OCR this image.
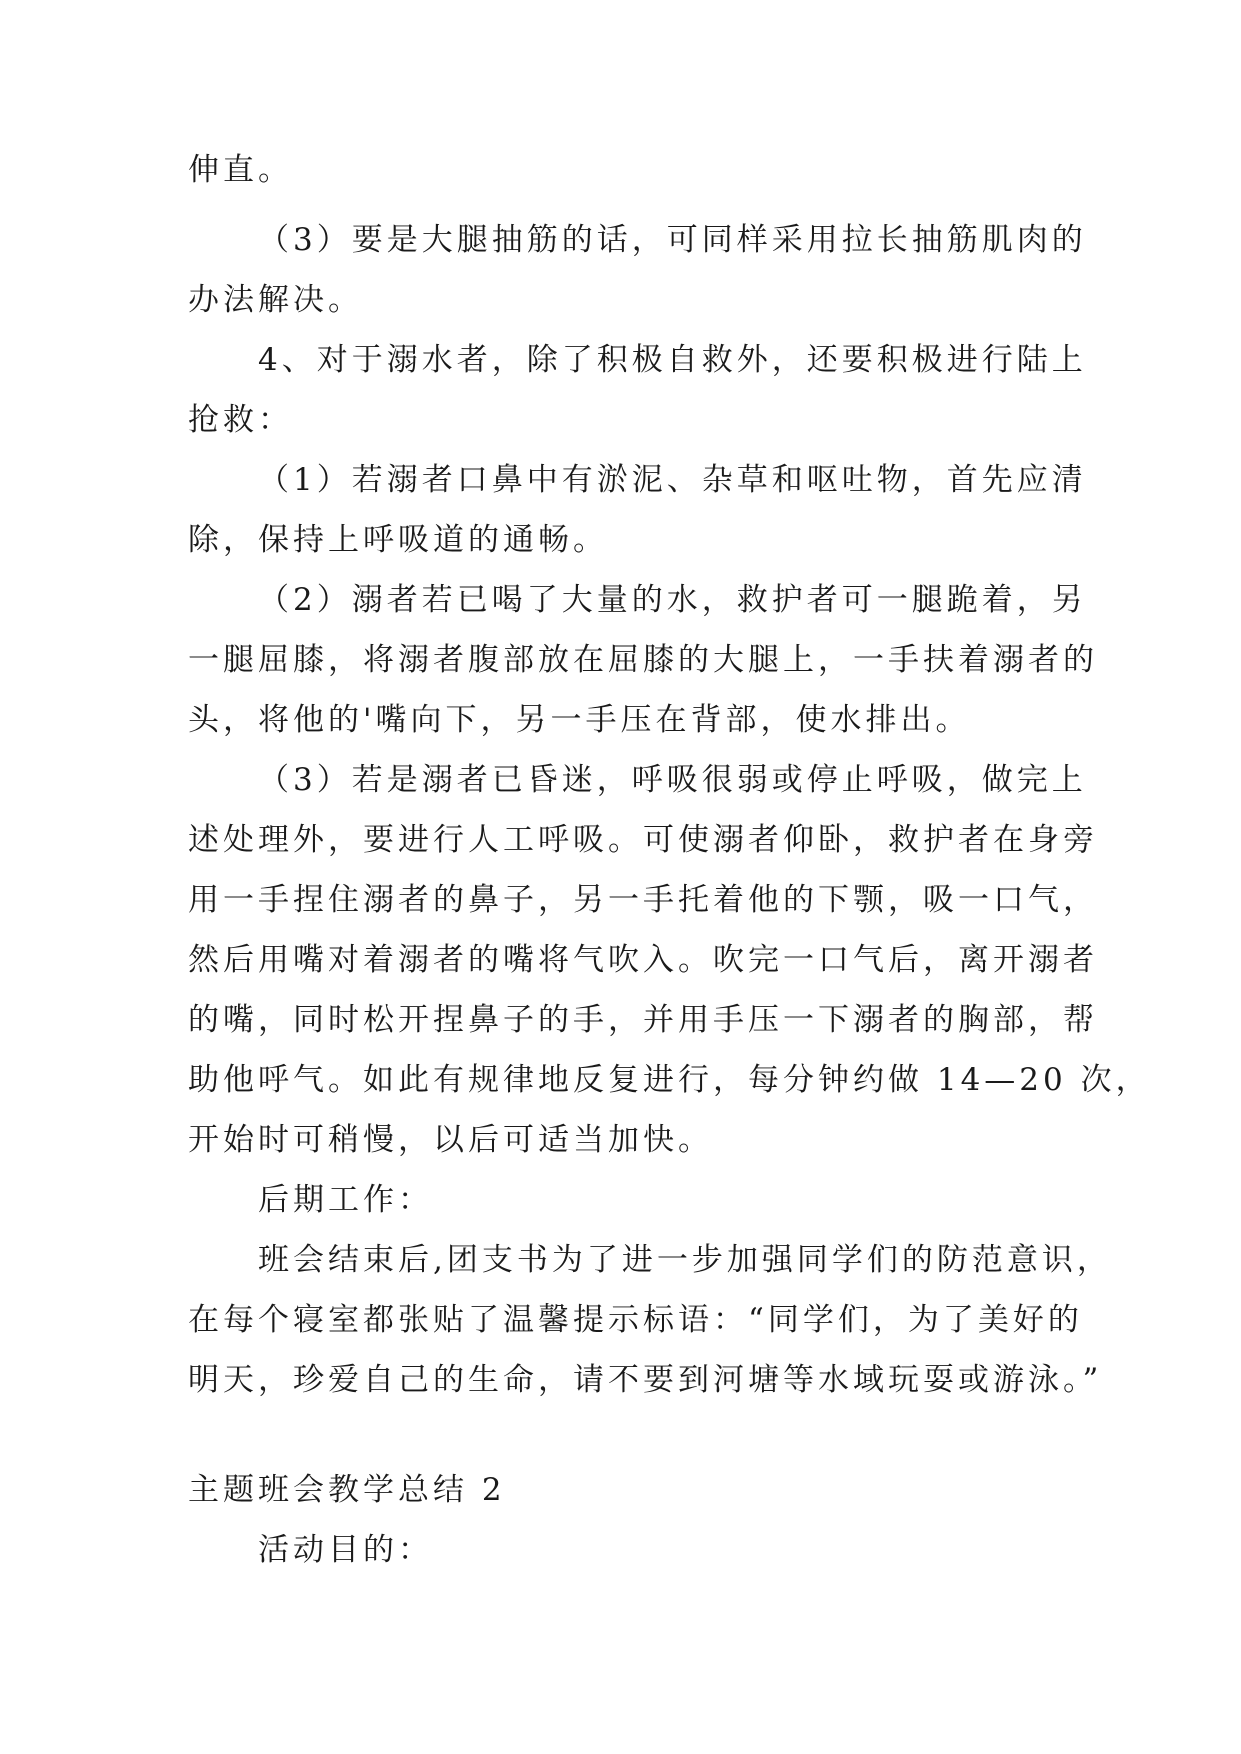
伸直。
（3）要是大腿抽筋的话，可同样采用拉长抽筋肌肉的
办法解决。
4、对于溺水者，除了积极自救外，还要积极进行陆上
抢救：
（1）若溺者口鼻中有淤泥、杂草和呕吐物，首先应清
除，保持上呼吸道的通畅。
（2）溺者若已喝了大量的水，救护者可一腿跪着，另
一腿屈膝，将溺者腹部放在屈膝的大腿上，一手扶着溺者的
头，将他的'嘴向下，另一手压在背部，使水排出。
（3）若是溺者已昏迷，呼吸很弱或停止呼吸，做完上
述处理外，要进行人工呼吸。可使溺者仰卧，救护者在身旁
用一手捏住溺者的鼻子，另一手托着他的下颚，吸一口气，
然后用嘴对着溺者的嘴将气吹入。吹完一口气后，离开溺者
的嘴，同时松开捏鼻子的手，并用手压一下溺者的胸部，帮
助他呼气。如此有规律地反复进行，每分钟约做 14—20 次，
开始时可稍慢，以后可适当加快。
后期工作：
班会结束后,团支书为了进一步加强同学们的防范意识，
在每个寝室都张贴了温馨提示标语：“同学们，为了美好的
明天，珍爱自己的生命，请不要到河塘等水域玩耍或游泳。”
主题班会教学总结 2
活动目的：
